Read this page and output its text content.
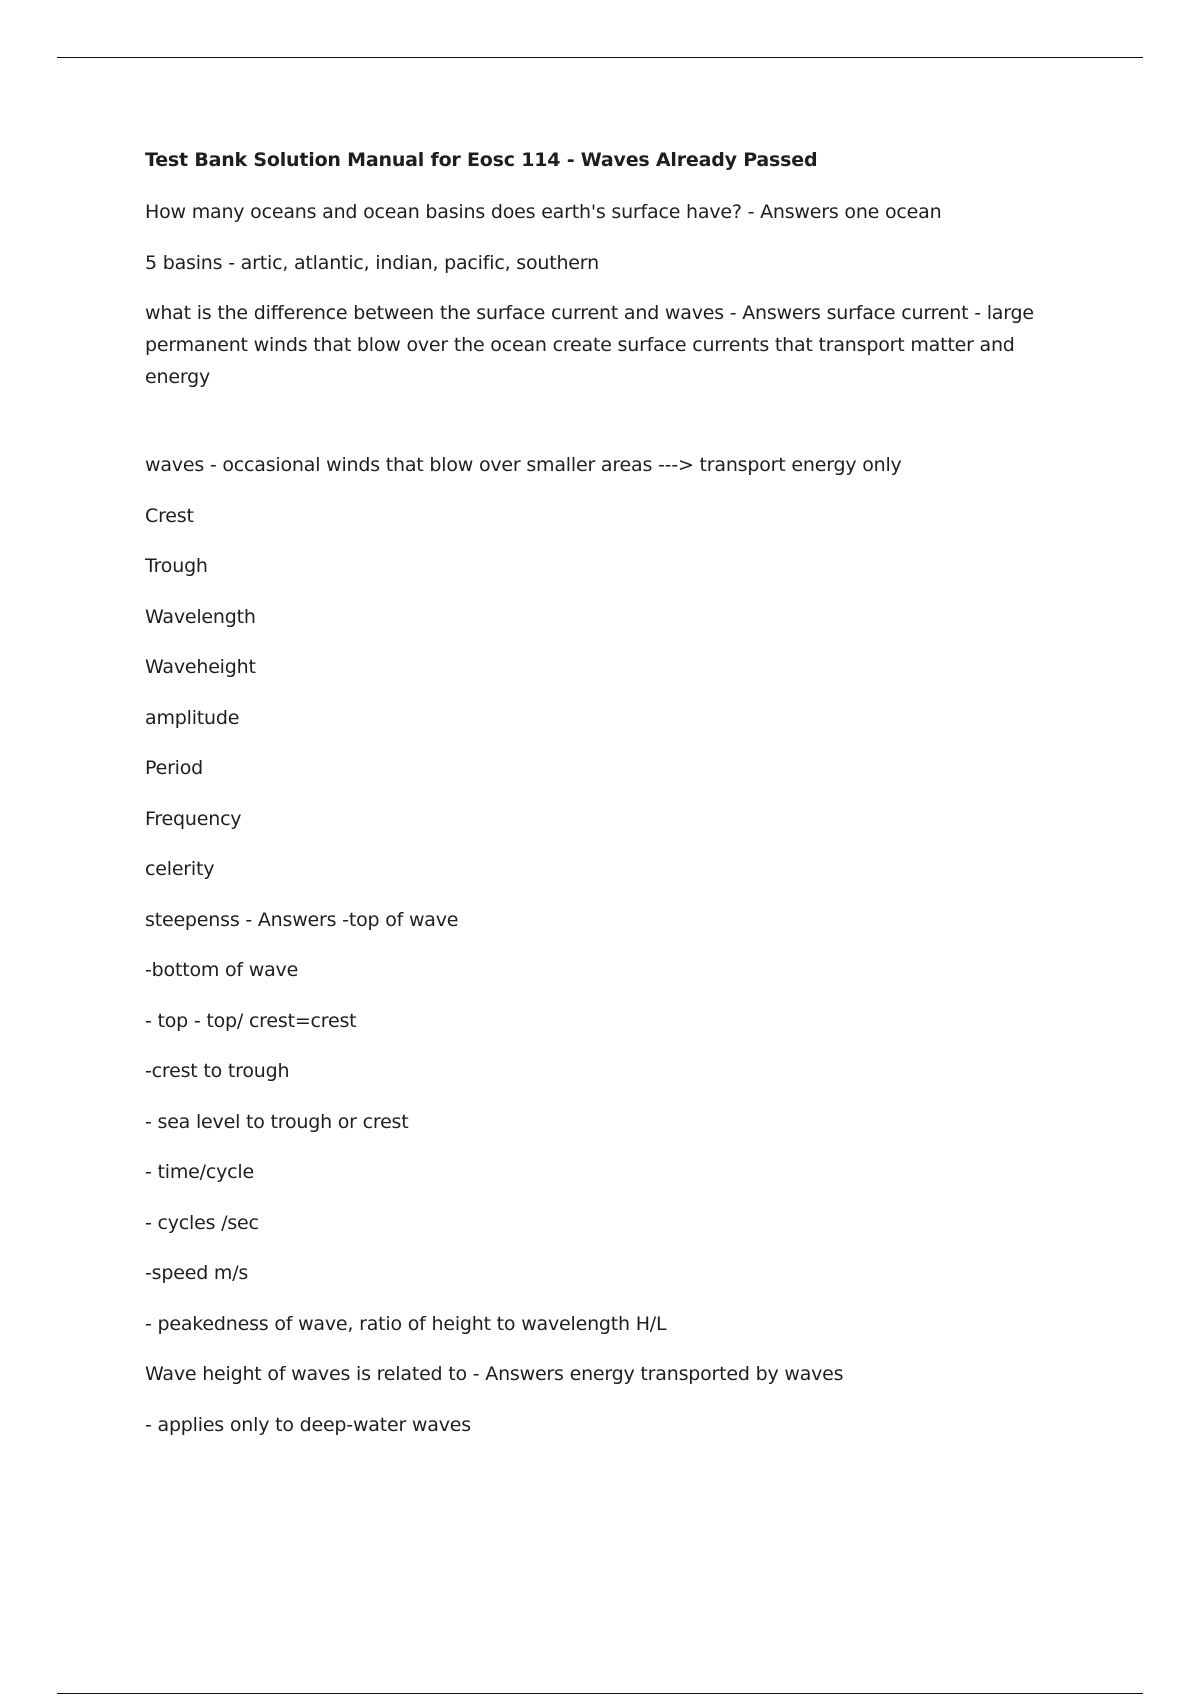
Test Bank Solution Manual for Eosc 114 - Waves Already Passed

How many oceans and ocean basins does earth's surface have? - Answers one ocean

5 basins - artic, atlantic, indian, pacific, southern

what is the difference between the surface current and waves - Answers surface current - large permanent winds that blow over the ocean create surface currents that transport matter and energy

waves - occasional winds that blow over smaller areas ---> transport energy only

Crest

Trough

Wavelength

Waveheight

amplitude

Period

Frequency

celerity

steepenss - Answers -top of wave

-bottom of wave

- top - top/ crest=crest

-crest to trough

- sea level to trough or crest

- time/cycle

- cycles /sec

-speed m/s

- peakedness of wave, ratio of height to wavelength H/L

Wave height of waves is related to - Answers energy transported by waves

- applies only to deep-water waves
